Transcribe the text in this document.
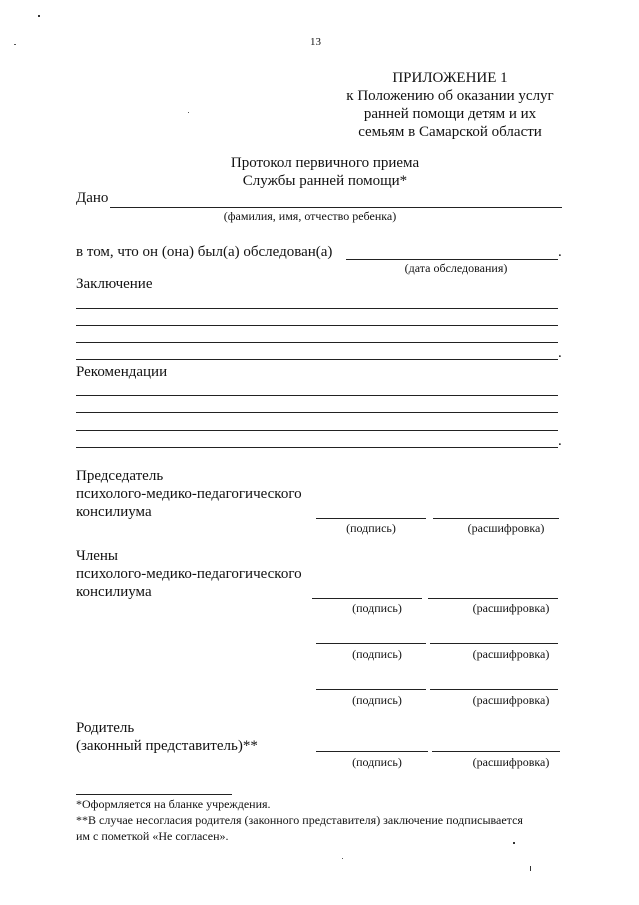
13
ПРИЛОЖЕНИЕ 1
к Положению об оказании услуг
ранней помощи детям и их
семьям в Самарской области
Протокол первичного приема
Службы ранней помощи*
Дано
(фамилия, имя, отчество ребенка)
в том, что он (она) был(а) обследован(а)	.
(дата обследования)
Заключение
.
Рекомендации
.
Председатель
психолого-медико-педагогического
консилиума
(подпись)	(расшифровка)
Члены
психолого-медико-педагогического
консилиума
(подпись)	(расшифровка)
(подпись)	(расшифровка)
(подпись)	(расшифровка)
Родитель
(законный представитель)**
(подпись)	(расшифровка)
*Оформляется на бланке учреждения.
**В случае несогласия родителя (законного представителя) заключение подписывается
им с пометкой «Не согласен».
